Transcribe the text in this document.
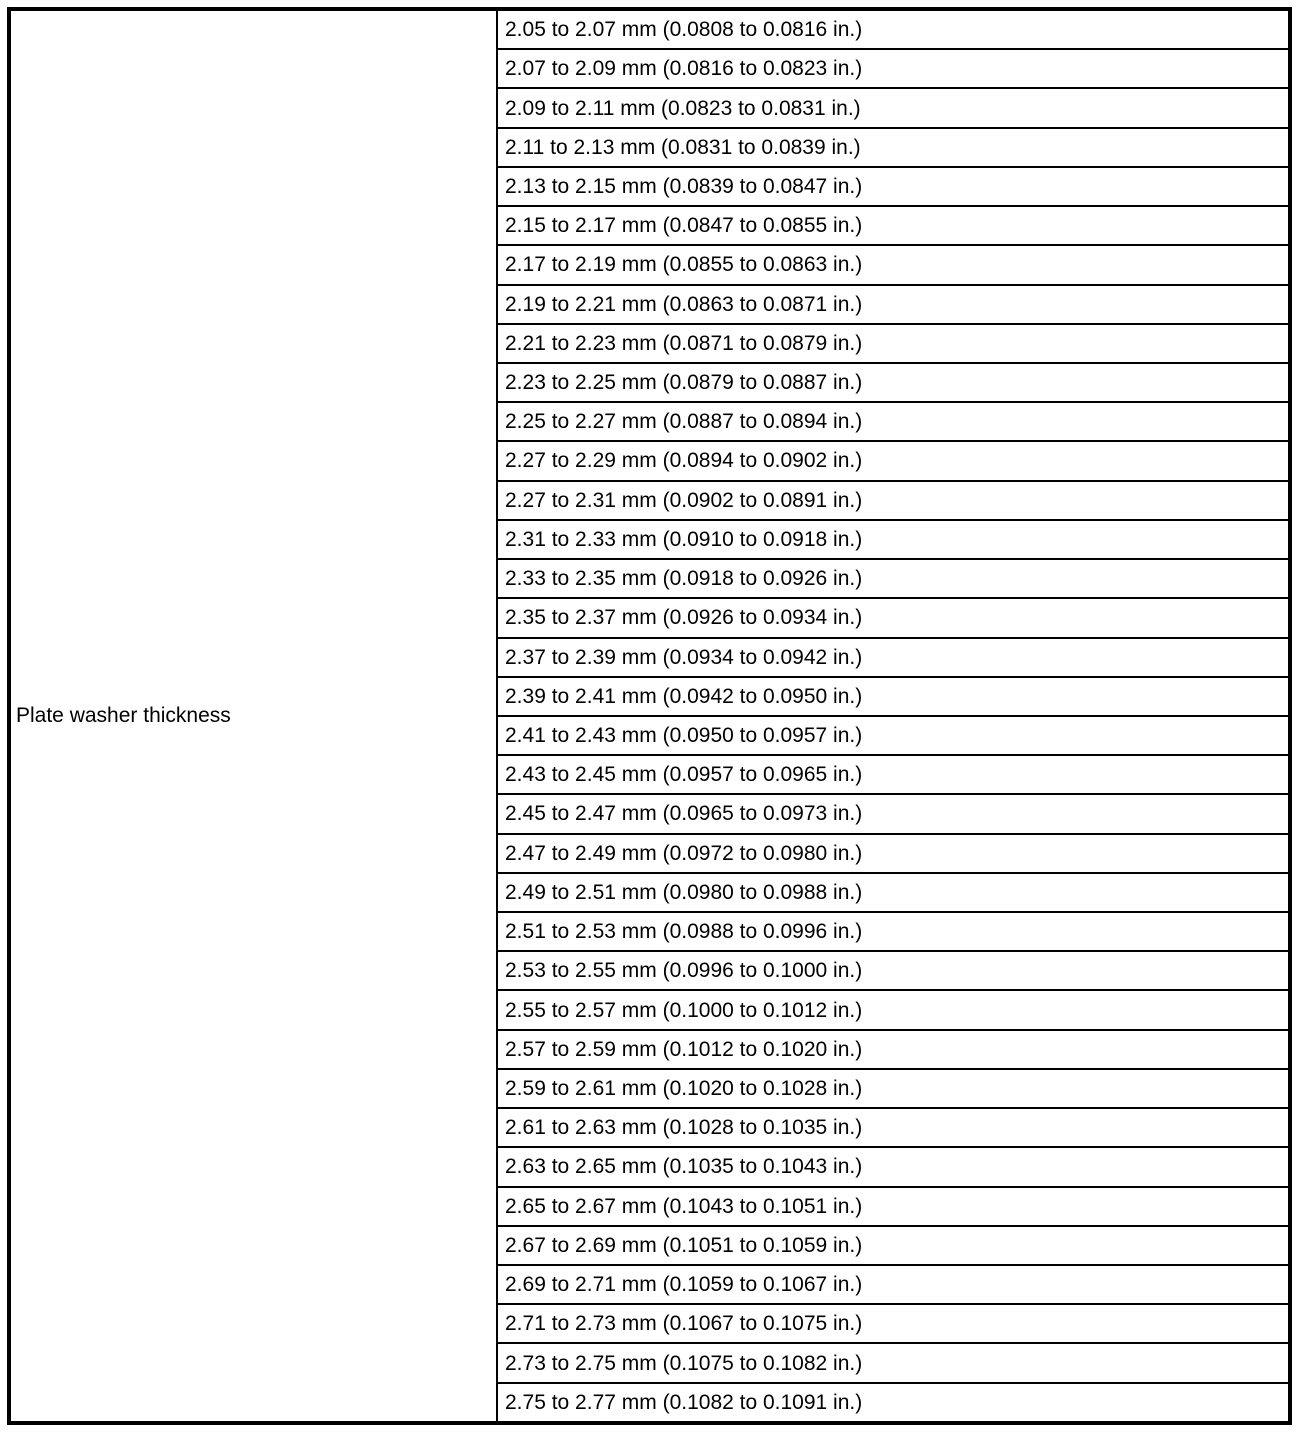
Plate washer thickness
2.05 to 2.07 mm (0.0808 to 0.0816 in.)
2.07 to 2.09 mm (0.0816 to 0.0823 in.)
2.09 to 2.11 mm (0.0823 to 0.0831 in.)
2.11 to 2.13 mm (0.0831 to 0.0839 in.)
2.13 to 2.15 mm (0.0839 to 0.0847 in.)
2.15 to 2.17 mm (0.0847 to 0.0855 in.)
2.17 to 2.19 mm (0.0855 to 0.0863 in.)
2.19 to 2.21 mm (0.0863 to 0.0871 in.)
2.21 to 2.23 mm (0.0871 to 0.0879 in.)
2.23 to 2.25 mm (0.0879 to 0.0887 in.)
2.25 to 2.27 mm (0.0887 to 0.0894 in.)
2.27 to 2.29 mm (0.0894 to 0.0902 in.)
2.27 to 2.31 mm (0.0902 to 0.0891 in.)
2.31 to 2.33 mm (0.0910 to 0.0918 in.)
2.33 to 2.35 mm (0.0918 to 0.0926 in.)
2.35 to 2.37 mm (0.0926 to 0.0934 in.)
2.37 to 2.39 mm (0.0934 to 0.0942 in.)
2.39 to 2.41 mm (0.0942 to 0.0950 in.)
2.41 to 2.43 mm (0.0950 to 0.0957 in.)
2.43 to 2.45 mm (0.0957 to 0.0965 in.)
2.45 to 2.47 mm (0.0965 to 0.0973 in.)
2.47 to 2.49 mm (0.0972 to 0.0980 in.)
2.49 to 2.51 mm (0.0980 to 0.0988 in.)
2.51 to 2.53 mm (0.0988 to 0.0996 in.)
2.53 to 2.55 mm (0.0996 to 0.1000 in.)
2.55 to 2.57 mm (0.1000 to 0.1012 in.)
2.57 to 2.59 mm (0.1012 to 0.1020 in.)
2.59 to 2.61 mm (0.1020 to 0.1028 in.)
2.61 to 2.63 mm (0.1028 to 0.1035 in.)
2.63 to 2.65 mm (0.1035 to 0.1043 in.)
2.65 to 2.67 mm (0.1043 to 0.1051 in.)
2.67 to 2.69 mm (0.1051 to 0.1059 in.)
2.69 to 2.71 mm (0.1059 to 0.1067 in.)
2.71 to 2.73 mm (0.1067 to 0.1075 in.)
2.73 to 2.75 mm (0.1075 to 0.1082 in.)
2.75 to 2.77 mm (0.1082 to 0.1091 in.)
